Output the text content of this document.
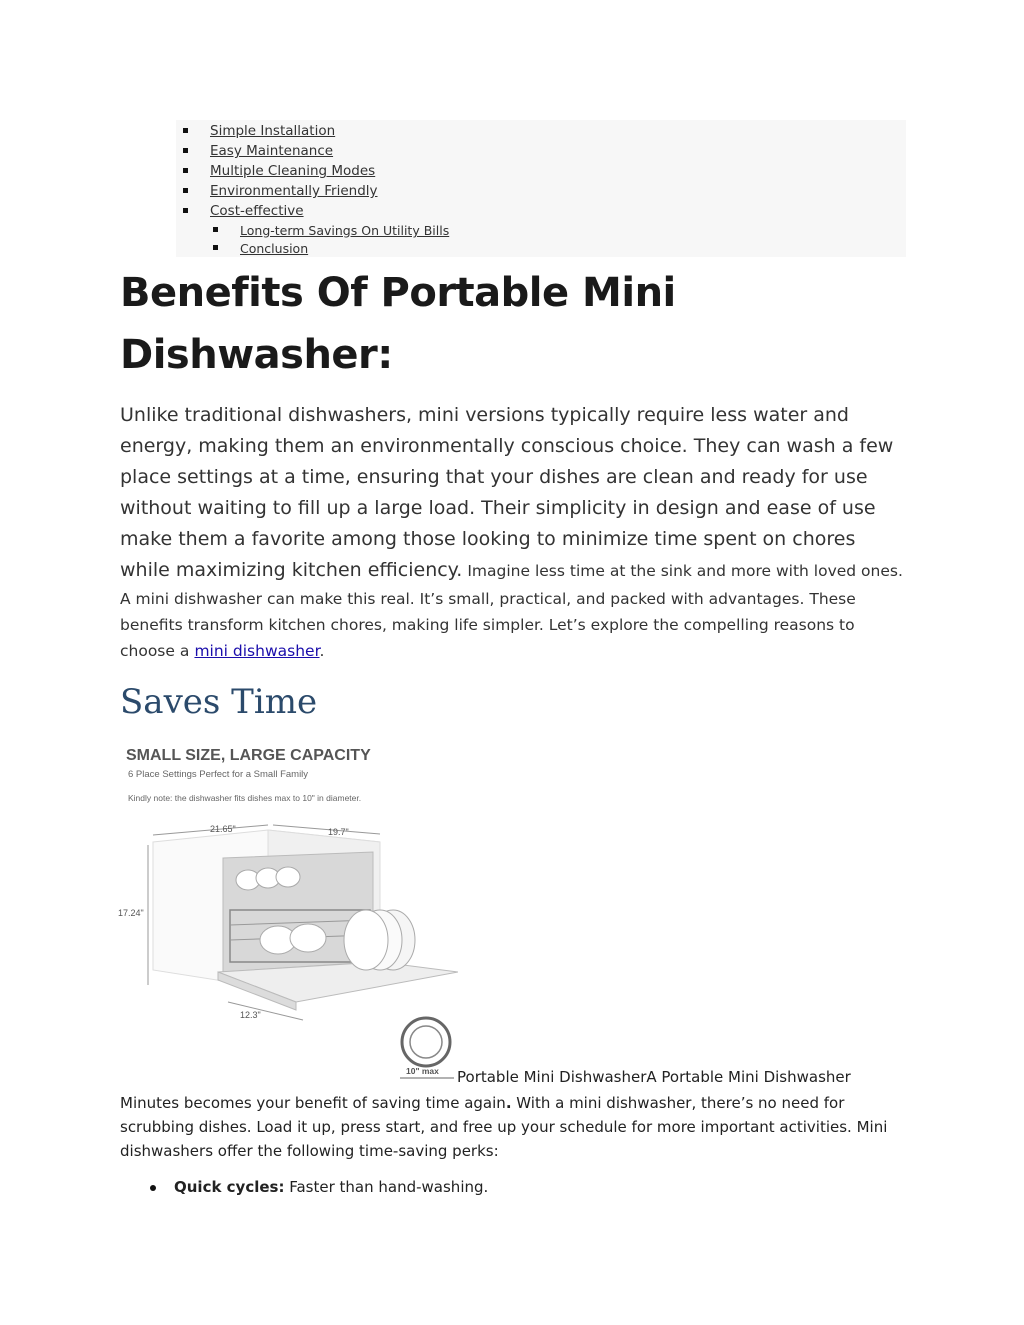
Simple Installation
Easy Maintenance
Multiple Cleaning Modes
Environmentally Friendly
Cost-effective
Long-term Savings On Utility Bills
Conclusion
Benefits Of Portable Mini Dishwasher:

Unlike traditional dishwashers, mini versions typically require less water and energy, making them an environmentally conscious choice. They can wash a few place settings at a time, ensuring that your dishes are clean and ready for use without waiting to fill up a large load. Their simplicity in design and ease of use make them a favorite among those looking to minimize time spent on chores while maximizing kitchen efficiency. Imagine less time at the sink and more with loved ones. A mini dishwasher can make this real. It’s small, practical, and packed with advantages. These benefits transform kitchen chores, making life simpler. Let’s explore the compelling reasons to choose a mini dishwasher.

Saves Time
SMALL SIZE, LARGE CAPACITY
6 Place Settings Perfect for a Small Family
Kindly note: the dishwasher fits dishes max to 10" in diameter.
21.65"	19.7"
17.24"
12.3"
10" max Portable Mini DishwasherA Portable Mini Dishwasher

Minutes becomes your benefit of saving time again. With a mini dishwasher, there’s no need for scrubbing dishes. Load it up, press start, and free up your schedule for more important activities. Mini dishwashers offer the following time-saving perks:

Quick cycles: Faster than hand-washing.
